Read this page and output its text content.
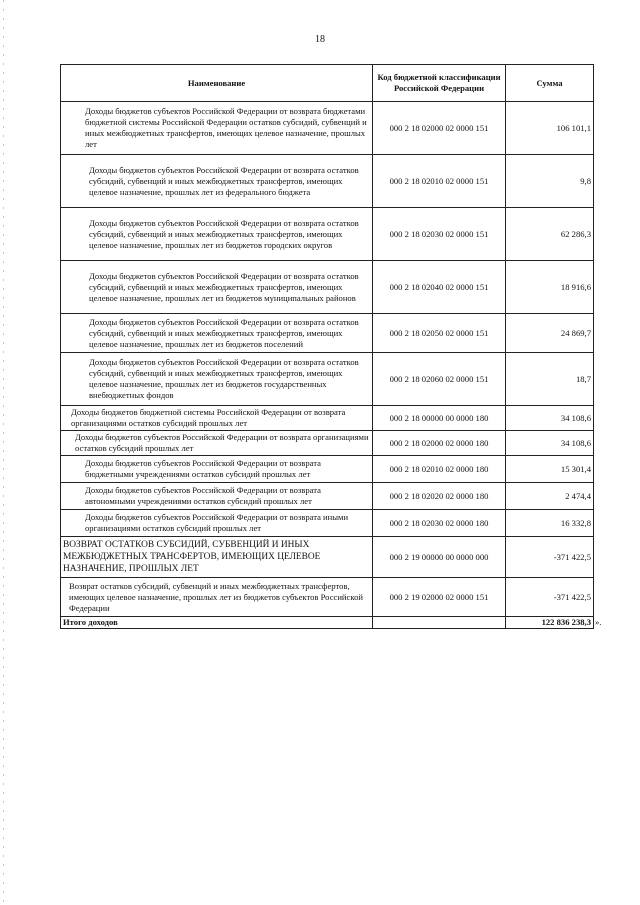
18
Наименование	Код бюджетной классификации Российской Федерации	Сумма
Доходы бюджетов субъектов Российской Федерации от возврата бюджетами бюджетной системы Российской Федерации остатков субсидий, субвенций и иных межбюджетных трансфертов, имеющих целевое назначение, прошлых лет	000 2 18 02000 02 0000 151	106 101,1
Доходы бюджетов субъектов Российской Федерации от возврата остатков субсидий, субвенций и иных межбюджетных трансфертов, имеющих целевое назначение, прошлых лет из федерального бюджета	000 2 18 02010 02 0000 151	9,8
Доходы бюджетов субъектов Российской Федерации от возврата остатков субсидий, субвенций и иных межбюджетных трансфертов, имеющих целевое назначение, прошлых лет из бюджетов городских округов	000 2 18 02030 02 0000 151	62 286,3
Доходы бюджетов субъектов Российской Федерации от возврата остатков субсидий, субвенций и иных межбюджетных трансфертов, имеющих целевое назначение, прошлых лет из бюджетов муниципальных районов	000 2 18 02040 02 0000 151	18 916,6
Доходы бюджетов субъектов Российской Федерации от возврата остатков субсидий, субвенций и иных межбюджетных трансфертов, имеющих целевое назначение, прошлых лет из бюджетов поселений	000 2 18 02050 02 0000 151	24 869,7
Доходы бюджетов субъектов Российской Федерации от возврата остатков субсидий, субвенций и иных межбюджетных трансфертов, имеющих целевое назначение, прошлых лет из бюджетов государственных внебюджетных фондов	000 2 18 02060 02 0000 151	18,7
Доходы бюджетов бюджетной системы Российской Федерации от возврата организациями остатков субсидий прошлых лет	000 2 18 00000 00 0000 180	34 108,6
Доходы бюджетов субъектов Российской Федерации от возврата организациями остатков субсидий прошлых лет	000 2 18 02000 02 0000 180	34 108,6
Доходы бюджетов субъектов Российской Федерации от возврата бюджетными учреждениями остатков субсидий прошлых лет	000 2 18 02010 02 0000 180	15 301,4
Доходы бюджетов субъектов Российской Федерации от возврата автономными учреждениями остатков субсидий прошлых лет	000 2 18 02020 02 0000 180	2 474,4
Доходы бюджетов субъектов Российской Федерации от возврата иными организациями остатков субсидий прошлых лет	000 2 18 02030 02 0000 180	16 332,8
ВОЗВРАТ ОСТАТКОВ СУБСИДИЙ, СУБВЕНЦИЙ И ИНЫХ МЕЖБЮДЖЕТНЫХ ТРАНСФЕРТОВ, ИМЕЮЩИХ ЦЕЛЕВОЕ НАЗНАЧЕНИЕ, ПРОШЛЫХ ЛЕТ	000 2 19 00000 00 0000 000	-371 422,5
Возврат остатков субсидий, субвенций и иных межбюджетных трансфертов, имеющих целевое назначение, прошлых лет из бюджетов субъектов Российской Федерации	000 2 19 02000 02 0000 151	-371 422,5
Итого доходов		122 836 238,3 ».
